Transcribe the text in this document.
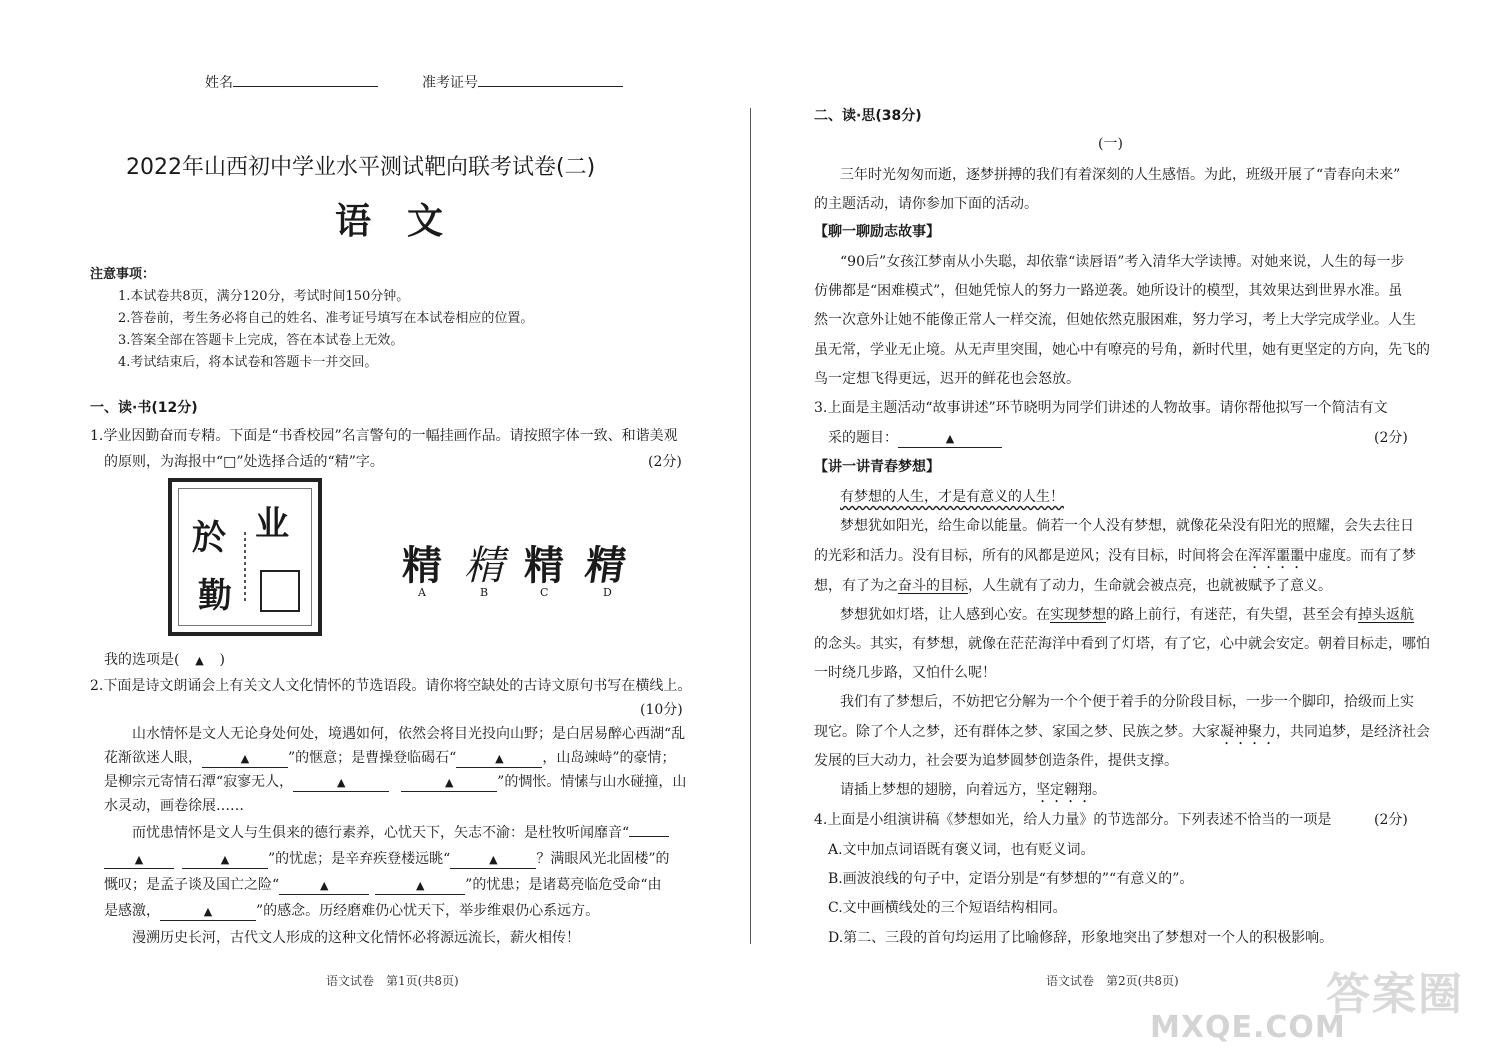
姓名	准考证号
2022年山西初中学业水平测试靶向联考试卷(二)
语　文
注意事项：
1.本试卷共8页，满分120分，考试时间150分钟。
2.答卷前，考生务必将自己的姓名、准考证号填写在本试卷相应的位置。
3.答案全部在答题卡上完成，答在本试卷上无效。
4.考试结束后，将本试卷和答题卡一并交回。
一、读·书(12分)
1.学业因勤奋而专精。下面是“书香校园”名言警句的一幅挂画作品。请按照字体一致、和谐美观
的原则，为海报中“□”处选择合适的“精”字。	(2分)
业
於
勤
精 精 精 精
A	B	C	D
我的选项是( ▲ )
2.下面是诗文朗诵会上有关文人文化情怀的节选语段。请你将空缺处的古诗文原句书写在横线上。
(10分)
山水情怀是文人无论身处何处，境遇如何，依然会将目光投向山野；是白居易醉心西湖“乱
花渐欲迷人眼，	▲	”的惬意；是曹操登临碣石“	▲	，山岛竦峙”的豪情；
是柳宗元寄情石潭“寂寥无人，	▲	▲	”的惆怅。情愫与山水碰撞，山
水灵动，画卷徐展……
而忧患情怀是文人与生俱来的德行素养，心忧天下，矢志不渝：是杜牧听闻靡音“
▲	▲	”的忧虑；是辛弃疾登楼远眺“	▲	？满眼风光北固楼”的
慨叹；是孟子谈及国亡之险“	▲	▲	”的忧患；是诸葛亮临危受命“由
是感激，	▲	”的感念。历经磨难仍心忧天下，举步维艰仍心系远方。
漫溯历史长河，古代文人形成的这种文化情怀必将源远流长，薪火相传！
语文试卷　第1页(共8页)
二、读·思(38分)
(一)
三年时光匆匆而逝，逐梦拼搏的我们有着深刻的人生感悟。为此，班级开展了“青春向未来”
的主题活动，请你参加下面的活动。
【聊一聊励志故事】
“90后”女孩江梦南从小失聪，却依靠“读唇语”考入清华大学读博。对她来说，人生的每一步
仿佛都是“困难模式”，但她凭惊人的努力一路逆袭。她所设计的模型，其效果达到世界水准。虽
然一次意外让她不能像正常人一样交流，但她依然克服困难，努力学习，考上大学完成学业。人生
虽无常，学业无止境。从无声里突围，她心中有嘹亮的号角，新时代里，她有更坚定的方向，先飞的
鸟一定想飞得更远，迟开的鲜花也会怒放。
3.上面是主题活动“故事讲述”环节晓明为同学们讲述的人物故事。请你帮他拟写一个简洁有文
采的题目：	▲	(2分)
【讲一讲青春梦想】
有梦想的人生，才是有意义的人生！
梦想犹如阳光，给生命以能量。倘若一个人没有梦想，就像花朵没有阳光的照耀，会失去往日
的光彩和活力。没有目标，所有的风都是逆风；没有目标，时间将会在浑浑噩噩中虚度。而有了梦
想，有了为之奋斗的目标，人生就有了动力，生命就会被点亮，也就被赋予了意义。
梦想犹如灯塔，让人感到心安。在实现梦想的路上前行，有迷茫，有失望，甚至会有掉头返航
的念头。其实，有梦想，就像在茫茫海洋中看到了灯塔，有了它，心中就会安定。朝着目标走，哪怕
一时绕几步路，又怕什么呢！
我们有了梦想后，不妨把它分解为一个个便于着手的分阶段目标，一步一个脚印，拾级而上实
现它。除了个人之梦，还有群体之梦、家国之梦、民族之梦。大家凝神聚力，共同追梦，是经济社会
发展的巨大动力，社会要为追梦圆梦创造条件，提供支撑。
请插上梦想的翅膀，向着远方，坚定翱翔。
4.上面是小组演讲稿《梦想如光，给人力量》的节选部分。下列表述不恰当的一项是	(2分)
A.文中加点词语既有褒义词，也有贬义词。
B.画波浪线的句子中，定语分别是“有梦想的”“有意义的”。
C.文中画横线处的三个短语结构相同。
D.第二、三段的首句均运用了比喻修辞，形象地突出了梦想对一个人的积极影响。
语文试卷　第2页(共8页)	答案圈
MXQE.COM
